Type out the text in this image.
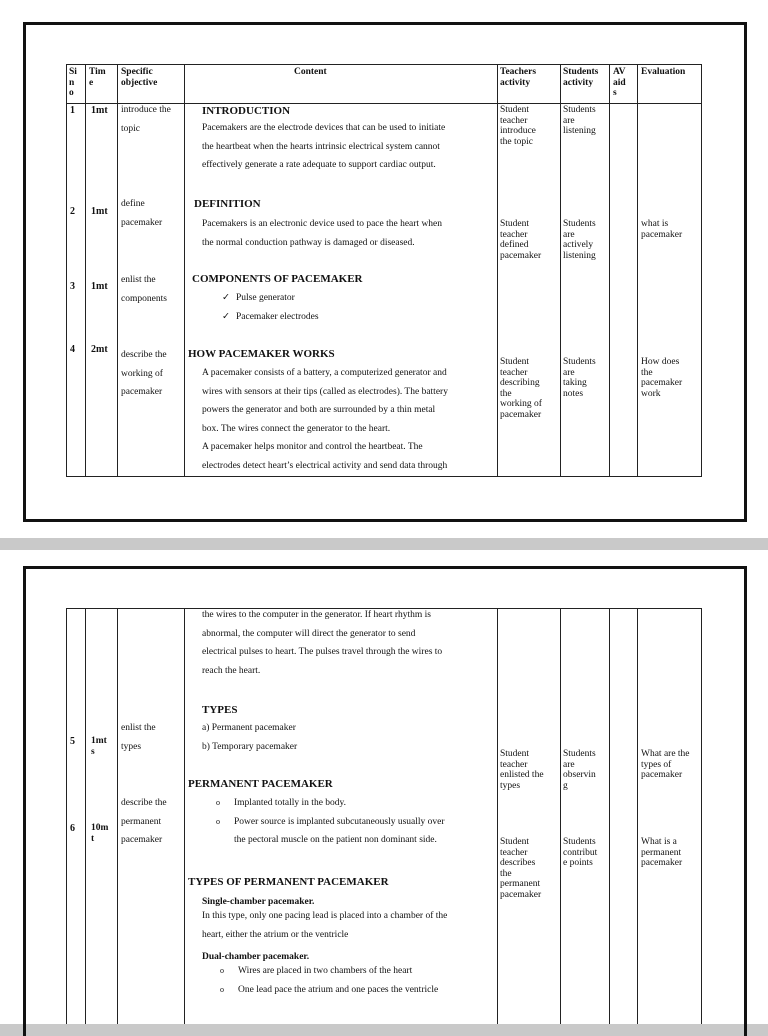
Si
n
o
Tim
e
Specific
objective
Content	Teachers
activity
Students
activity
AV
aid
s
Evaluation
1 1mt introduce the
topic
INTRODUCTION
Pacemakers are the electrode devices that can be used to initiate
the heartbeat when the hearts intrinsic electrical system cannot
effectively generate a rate adequate to support cardiac output.
Student
teacher
introduce
the topic
Students
are
listening
2 1mt
define
pacemaker
DEFINITION
Pacemakers is an electronic device used to pace the heart when
the normal conduction pathway is damaged or diseased.
Student
teacher
defined
pacemaker
Students
are
actively
listening
what is
pacemaker
3 1mt
enlist the
components
COMPONENTS OF PACEMAKER
✓ Pulse generator
✓ Pacemaker electrodes
4 2mt describe the
working of
pacemaker
HOW PACEMAKER WORKS
A pacemaker consists of a battery, a computerized generator and
wires with sensors at their tips (called as electrodes). The battery
powers the generator and both are surrounded by a thin metal
box. The wires connect the generator to the heart.
A pacemaker helps monitor and control the heartbeat. The
electrodes detect heart’s electrical activity and send data through
Student
teacher
describing
the
working of
pacemaker
Students
are
taking
notes
How does
the
pacemaker
work
the wires to the computer in the generator. If heart rhythm is
abnormal, the computer will direct the generator to send
electrical pulses to heart. The pulses travel through the wires to
reach the heart.
5 1mt
s
enlist the
types
TYPES
a) Permanent pacemaker
b) Temporary pacemaker
Student
teacher
enlisted the
types
Students
are
observin
g
What are the
types of
pacemaker
6 10m
t
describe the
permanent
pacemaker
PERMANENT PACEMAKER
o Implanted totally in the body.
o Power source is implanted subcutaneously usually over
the pectoral muscle on the patient non dominant side.	Student
teacher
describes
the
permanent
pacemaker
Students
contribut
e points
What is a
permanent
pacemaker
TYPES OF PERMANENT PACEMAKER
Single-chamber pacemaker.
In this type, only one pacing lead is placed into a chamber of the
heart, either the atrium or the ventricle
Dual-chamber pacemaker.
o Wires are placed in two chambers of the heart
o One lead pace the atrium and one paces the ventricle
